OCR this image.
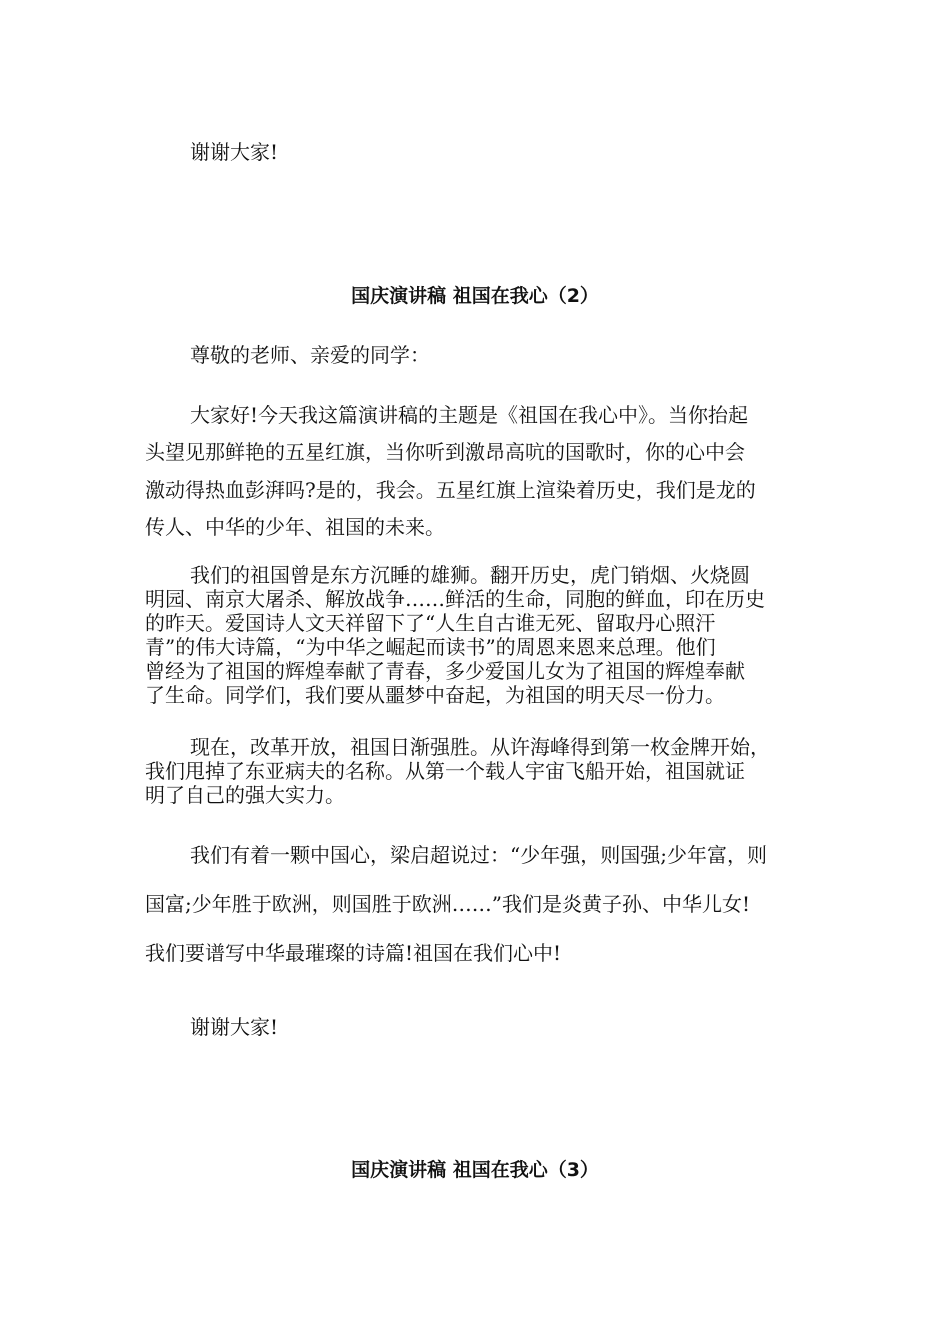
谢谢大家!
国庆演讲稿 祖国在我心（2）
尊敬的老师、亲爱的同学：
大家好!今天我这篇演讲稿的主题是《祖国在我心中》。当你抬起
头望见那鲜艳的五星红旗，当你听到激昂高吭的国歌时，你的心中会
激动得热血彭湃吗?是的，我会。五星红旗上渲染着历史，我们是龙的
传人、中华的少年、祖国的未来。
我们的祖国曾是东方沉睡的雄狮。翻开历史，虎门销烟、火烧圆
明园、南京大屠杀、解放战争……鲜活的生命，同胞的鲜血，印在历史
的昨天。爱国诗人文天祥留下了“人生自古谁无死、留取丹心照汗
青”的伟大诗篇，“为中华之崛起而读书”的周恩来恩来总理。他们
曾经为了祖国的辉煌奉献了青春，多少爱国儿女为了祖国的辉煌奉献
了生命。同学们，我们要从噩梦中奋起，为祖国的明天尽一份力。
现在，改革开放，祖国日渐强胜。从许海峰得到第一枚金牌开始，
我们甩掉了东亚病夫的名称。从第一个载人宇宙飞船开始，祖国就证
明了自己的强大实力。
我们有着一颗中国心，梁启超说过：“少年强，则国强;少年富，则
国富;少年胜于欧洲，则国胜于欧洲……”我们是炎黄子孙、中华儿女!
我们要谱写中华最璀璨的诗篇!祖国在我们心中!
谢谢大家!
国庆演讲稿 祖国在我心（3）
